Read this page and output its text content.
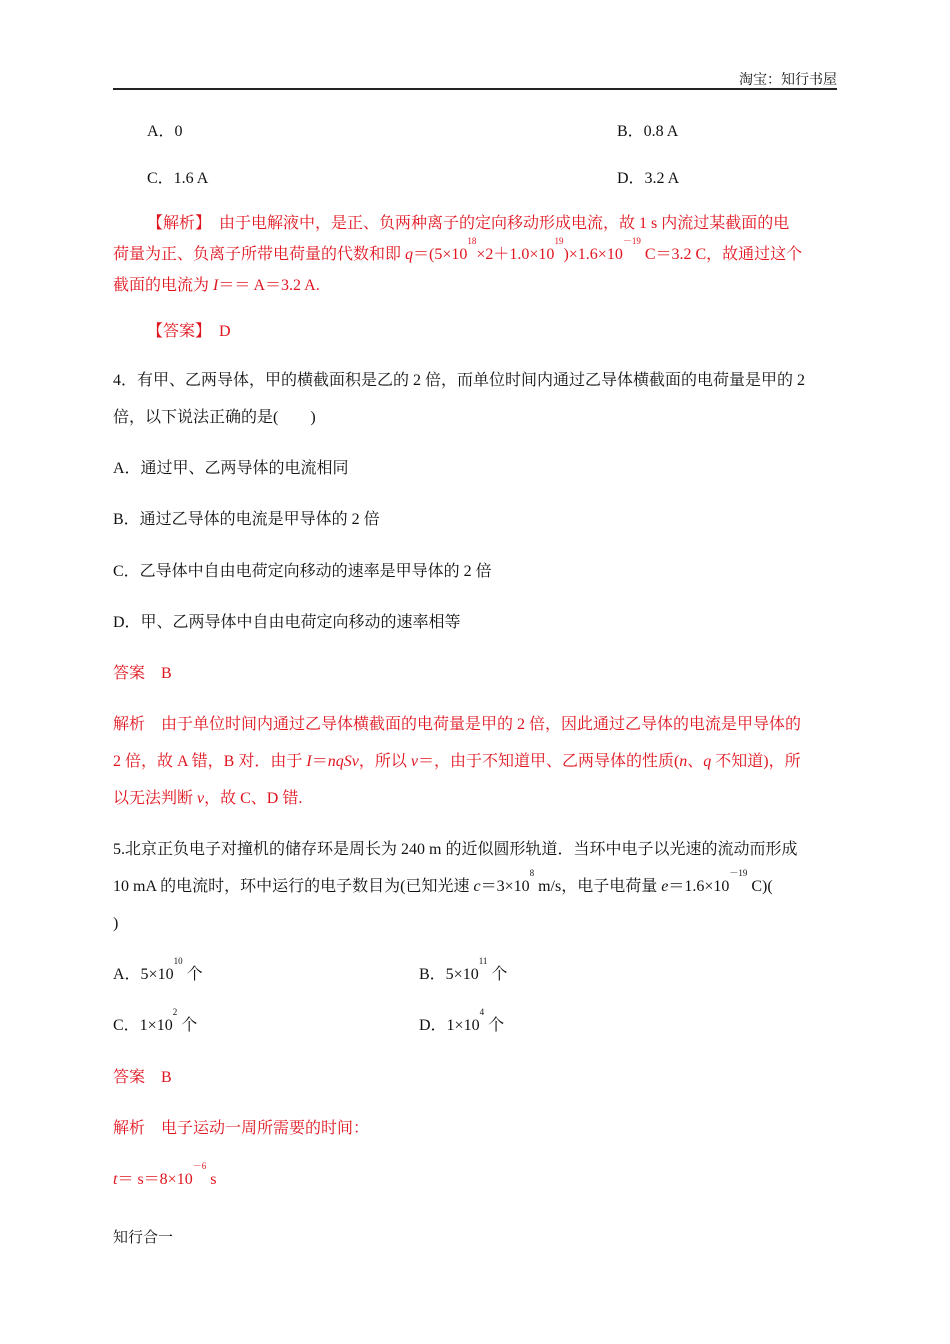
淘宝：知行书屋
A．0	B．0.8 A
C．1.6 A	D．3.2 A
【解析】　 由于电解液中，是正、负两种离子的定向移动形成电流，故 1 s 内流过某截面的电
荷量为正、负离子所带电荷量的代数和即 $q=(5\times 10^{18}\times 2+1.0\times 10^{19})\times 1.6\times 10^{-19}$ C＝3.2 C，故通过这个
截面的电流为 I＝＝ A＝3.2 A.
【答案】　 D
4．有甲、乙两导体，甲的横截面积是乙的 2 倍，而单位时间内通过乙导体横截面的电荷量是甲的 2
倍，以下说法正确的是(　　)
A．通过甲、乙两导体的电流相同
B．通过乙导体的电流是甲导体的 2 倍
C．乙导体中自由电荷定向移动的速率是甲导体的 2 倍
D．甲、乙两导体中自由电荷定向移动的速率相等
答案　B
解析　由于单位时间内通过乙导体横截面的电荷量是甲的 2 倍，因此通过乙导体的电流是甲导体的
2 倍，故 A 错，B 对．由于 I＝nqSv，所以 v＝，由于不知道甲、乙两导体的性质(n、q 不知道)，所
以无法判断 v，故 C、D 错.
5.北京正负电子对撞机的储存环是周长为 240 m 的近似圆形轨道．当环中电子以光速的流动而形成
10 mA 的电流时，环中运行的电子数目为(已知光速 $c=3\times 10^8$ m/s，电子电荷量 $e=1.6\times 10^{-19}$ C)(
)
A．$5\times 10^{10}$ 个	B．$5\times 10^{11}$ 个
C．$1\times 10^2$ 个	D．$1\times 10^4$ 个
答案　B
解析　电子运动一周所需要的时间：
$t= s=8\times 10^{-6}$ s
知行合一
